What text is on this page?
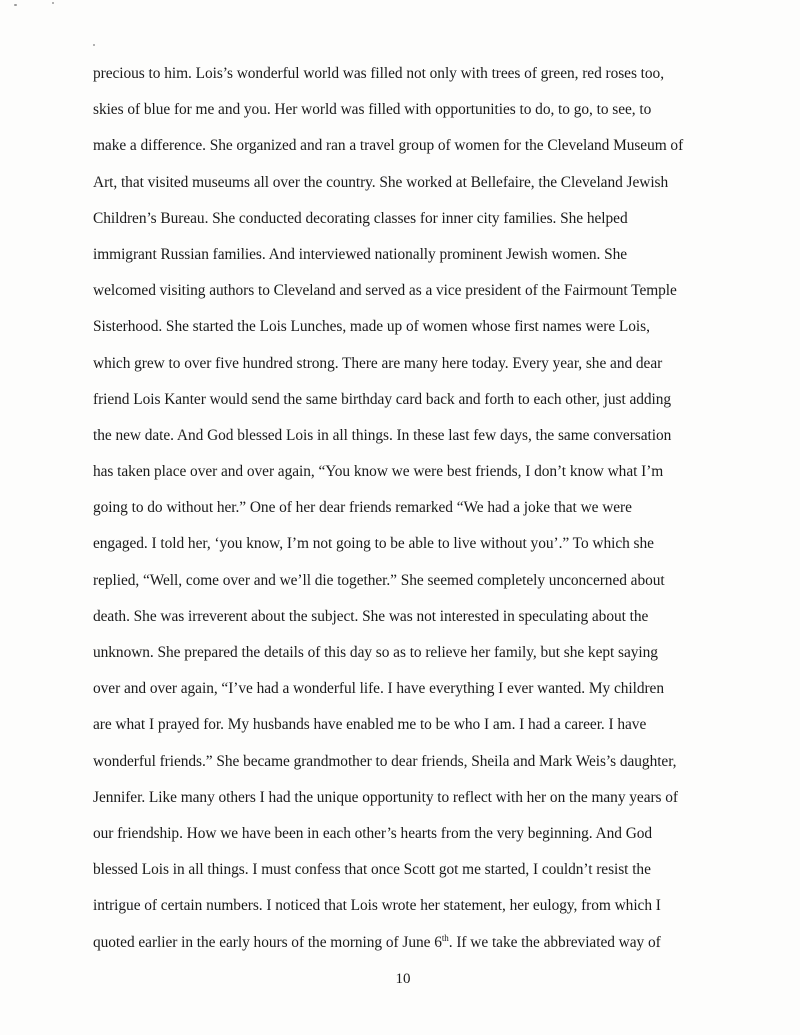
precious to him. Lois’s wonderful world was filled not only with trees of green, red roses too,
skies of blue for me and you. Her world was filled with opportunities to do, to go, to see, to
make a difference. She organized and ran a travel group of women for the Cleveland Museum of
Art, that visited museums all over the country. She worked at Bellefaire, the Cleveland Jewish
Children’s Bureau. She conducted decorating classes for inner city families. She helped
immigrant Russian families. And interviewed nationally prominent Jewish women. She
welcomed visiting authors to Cleveland and served as a vice president of the Fairmount Temple
Sisterhood. She started the Lois Lunches, made up of women whose first names were Lois,
which grew to over five hundred strong. There are many here today. Every year, she and dear
friend Lois Kanter would send the same birthday card back and forth to each other, just adding
the new date. And God blessed Lois in all things. In these last few days, the same conversation
has taken place over and over again, “You know we were best friends, I don’t know what I’m
going to do without her.” One of her dear friends remarked “We had a joke that we were
engaged. I told her, ‘you know, I’m not going to be able to live without you’.” To which she
replied, “Well, come over and we’ll die together.” She seemed completely unconcerned about
death. She was irreverent about the subject. She was not interested in speculating about the
unknown. She prepared the details of this day so as to relieve her family, but she kept saying
over and over again, “I’ve had a wonderful life. I have everything I ever wanted. My children
are what I prayed for. My husbands have enabled me to be who I am. I had a career. I have
wonderful friends.” She became grandmother to dear friends, Sheila and Mark Weis’s daughter,
Jennifer. Like many others I had the unique opportunity to reflect with her on the many years of
our friendship. How we have been in each other’s hearts from the very beginning. And God
blessed Lois in all things. I must confess that once Scott got me started, I couldn’t resist the
intrigue of certain numbers. I noticed that Lois wrote her statement, her eulogy, from which I
quoted earlier in the early hours of the morning of June 6th. If we take the abbreviated way of
10
